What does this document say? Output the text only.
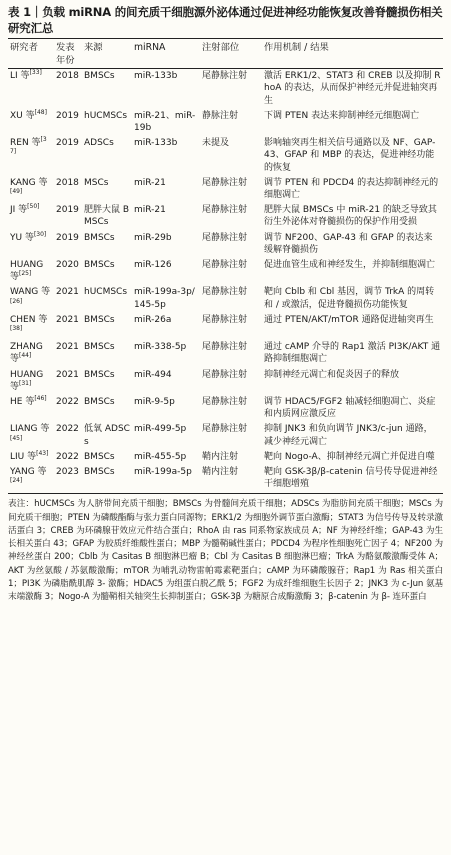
表 1｜负载 miRNA 的间充质干细胞源外泌体通过促进神经功能恢复改善脊髓损伤相关研究汇总
研究者	发表年份	来源	miRNA	注射部位	作用机制 / 结果
LI 等[33]	2018	BMSCs	miR-133b	尾静脉注射	激活 ERK1/2、STAT3 和 CREB 以及抑制 RhoA 的表达，从而保护神经元并促进轴突再生
XU 等[48]	2019	hUCMSCs	miR-21、miR-19b	静脉注射	下调 PTEN 表达来抑制神经元细胞凋亡
REN 等[37]	2019	ADSCs	miR-133b	未提及	影响轴突再生相关信号通路以及 NF、GAP-43、GFAP 和 MBP 的表达，促进神经功能的恢复
KANG 等[49]	2018	MSCs	miR-21	尾静脉注射	调节 PTEN 和 PDCD4 的表达抑制神经元的细胞凋亡
JI 等[50]	2019	肥胖大鼠 BMSCs	miR-21	尾静脉注射	肥胖大鼠 BMSCs 中 miR-21 的缺乏导致其衍生外泌体对脊髓损伤的保护作用受损
YU 等[30]	2019	BMSCs	miR-29b	尾静脉注射	调节 NF200、GAP-43 和 GFAP 的表达来缓解脊髓损伤
HUANG 等[25]	2020	BMSCs	miR-126	尾静脉注射	促进血管生成和神经发生，并抑制细胞凋亡
WANG 等[26]	2021	hUCMSCs	miR-199a-3p/145-5p	尾静脉注射	靶向 Cblb 和 Cbl 基因，调节 TrkA 的周转和 / 或激活，促进脊髓损伤功能恢复
CHEN 等[38]	2021	BMSCs	miR-26a	尾静脉注射	通过 PTEN/AKT/mTOR 通路促进轴突再生
ZHANG 等[44]	2021	BMSCs	miR-338-5p	尾静脉注射	通过 cAMP 介导的 Rap1 激活 PI3K/AKT 通路抑制细胞凋亡
HUANG 等[31]	2021	BMSCs	miR-494	尾静脉注射	抑制神经元凋亡和促炎因子的释放
HE 等[46]	2022	BMSCs	miR-9-5p	尾静脉注射	调节 HDAC5/FGF2 轴减轻细胞凋亡、炎症和内质网应激反应
LIANG 等[45]	2022	低氧 ADSCs	miR-499-5p	尾静脉注射	抑制 JNK3 和负向调节 JNK3/c-jun 通路，减少神经元凋亡
LIU 等[43]	2022	BMSCs	miR-455-5p	鞘内注射	靶向 Nogo-A、抑制神经元凋亡并促进自噬
YANG 等[24]	2023	BMSCs	miR-199a-5p	鞘内注射	靶向 GSK-3β/β-catenin 信号传导促进神经干细胞增殖
表注：hUCMSCs 为人脐带间充质干细胞；BMSCs 为骨髓间充质干细胞；ADSCs 为脂肪间充质干细胞；MSCs 为间充质干细胞；PTEN 为磷酸酯酶与张力蛋白同源物；ERK1/2 为细胞外调节蛋白激酶；STAT3 为信号传导及转录激活蛋白 3；CREB 为环磷腺苷效应元件结合蛋白；RhoA 由 ras 同系物家族成员 A；NF 为神经纤维；GAP-43 为生长相关蛋白 43；GFAP 为胶质纤维酸性蛋白；MBP 为髓鞘碱性蛋白；PDCD4 为程序性细胞死亡因子 4；NF200 为神经丝蛋白 200；Cblb 为 Casitas B 细胞淋巴瘤 B；Cbl 为 Casitas B 细胞淋巴瘤；TrkA 为酪氨酸激酶受体 A；AKT 为丝氨酸 / 苏氨酸激酶；mTOR 为哺乳动物雷帕霉素靶蛋白；cAMP 为环磷酸腺苷；Rap1 为 Ras 相关蛋白 1；PI3K 为磷脂酰肌醇 3- 激酶；HDAC5 为组蛋白脱乙酰 5；FGF2 为成纤维细胞生长因子 2；JNK3 为 c-Jun 氨基末端激酶 3；Nogo-A 为髓鞘相关轴突生长抑制蛋白；GSK-3β 为糖原合成酶激酶 3；β-catenin 为 β- 连环蛋白
